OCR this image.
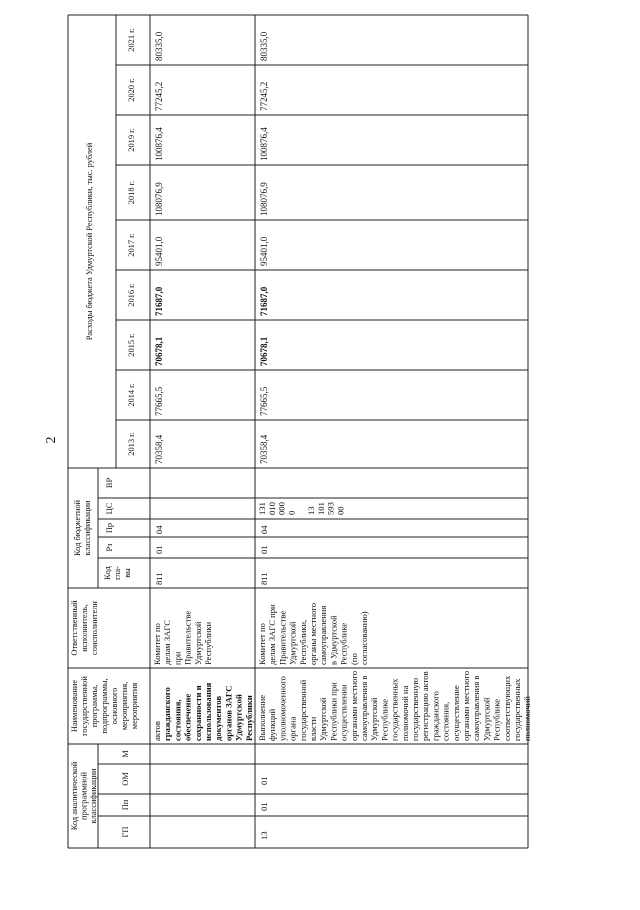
2
Код аналитической программной классификации
ГП
Пп
ОМ
М
Наименование государственной программы, подпрограммы, основного мероприятия, мероприятия
Ответственный исполнитель, соисполнители
Код бюджетной классификации
Код гла- вы
Рз
Пр
ЦС
ВР
Расходы бюджета Удмуртской Республики, тыс. рублей
2013 г.
2014 г.
2015 г.
2016 г.
2017 г.
2018 г.
2019 г.
2020 г.
2021 г.
актов гражданского состояния, обеспечение сохранности и использования документов органов ЗАГС Удмуртской Республики
Комитет по делам ЗАГС при Правительстве Удмуртской Республики
811
01
04
70358,4
77665,5
70678,1
71687,0
95401,0
108076,9
100876,4
77245,2
80335,0
13
01
01
Выполнение функций уполномоченного органа государственной власти Удмуртской Республики при осуществлении органами местного самоуправления в Удмуртской Республике государственных полномочий на государственную регистрацию актов гражданского состояния, осуществление органами местного самоуправления в Удмуртской Республике соответствующих государственных полномочий
Комитет по делам ЗАГС при Правительстве Удмуртской Республики, органы местного самоуправления в Удмуртской Республике (по согласованию)
811
01
04
131 010 000 0 13 101 593 00
70358,4
77665,5
70678,1
71687,0
95401,0
108076,9
100876,4
77245,2
80335,0
